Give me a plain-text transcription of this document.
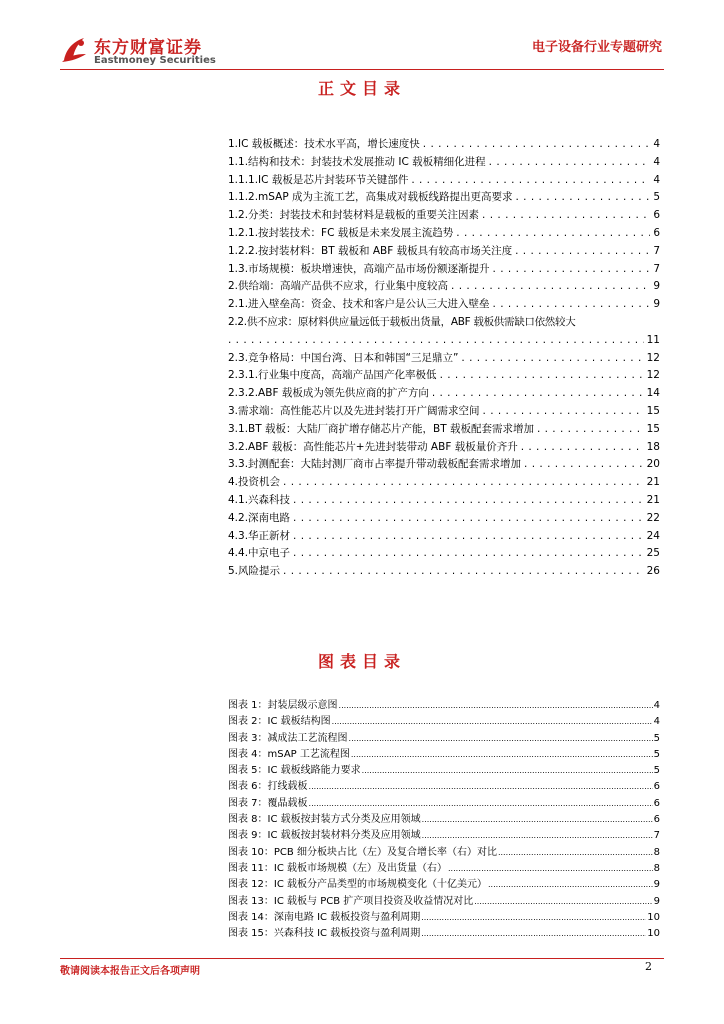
东方财富证券
Eastmoney Securities
电子设备行业专题研究
正文目录
1.IC 载板概述：技术水平高，增长速度快 . . .	4
1.1.结构和技术：封装技术发展推动 IC 载板精细化进程 . . .	4
1.1.1.IC 载板是芯片封装环节关键部件 . . .	4
1.1.2.mSAP 成为主流工艺，高集成对载板线路提出更高要求 . . .	5
1.2.分类：封装技术和封装材料是载板的重要关注因素 . . .	6
1.2.1.按封装技术：FC 载板是未来发展主流趋势 . . .	6
1.2.2.按封装材料：BT 载板和 ABF 载板具有较高市场关注度 . . .	7
1.3.市场规模：板块增速快，高端产品市场份额逐渐提升 . . .	7
2.供给端：高端产品供不应求，行业集中度较高 . . .	9
2.1.进入壁垒高：资金、技术和客户是公认三大进入壁垒 . . .	9
2.2.供不应求：原材料供应量远低于载板出货量，ABF 载板供需缺口依然较大
. . .
11
2.3.竞争格局：中国台湾、日本和韩国“三足鼎立” . . .	12
2.3.1.行业集中度高，高端产品国产化率极低 . . .	12
2.3.2.ABF 载板成为领先供应商的扩产方向 . . .	14
3.需求端：高性能芯片以及先进封装打开广阔需求空间 . . .	15
3.1.BT 载板：大陆厂商扩增存储芯片产能，BT 载板配套需求增加 . . .	15
3.2.ABF 载板：高性能芯片+先进封装带动 ABF 载板量价齐升 . . .	18
3.3.封测配套：大陆封测厂商市占率提升带动载板配套需求增加 . . .	20
4.投资机会 . . .	21
4.1.兴森科技 . . .	21
4.2.深南电路 . . .	22
4.3.华正新材 . . .	24
4.4.中京电子 . . .	25
5.风险提示 . . .	26
图表目录
图表 1：封装层级示意图 .....	4
图表 2：IC 载板结构图 .....	4
图表 3：减成法工艺流程图 .....	5
图表 4：mSAP 工艺流程图 .....	5
图表 5：IC 载板线路能力要求 .....	5
图表 6：打线载板 .....	6
图表 7：覆晶载板 .....	6
图表 8：IC 载板按封装方式分类及应用领域 .....	6
图表 9：IC 载板按封装材料分类及应用领域 .....	7
图表 10：PCB 细分板块占比（左）及复合增长率（右）对比 .....	8
图表 11：IC 载板市场规模（左）及出货量（右） .....	8
图表 12：IC 载板分产品类型的市场规模变化（十亿美元） .....	9
图表 13：IC 载板与 PCB 扩产项目投资及收益情况对比 .....	9
图表 14：深南电路 IC 载板投资与盈利周期 .....	10
图表 15：兴森科技 IC 载板投资与盈利周期 .....	10
敬请阅读本报告正文后各项声明	2
